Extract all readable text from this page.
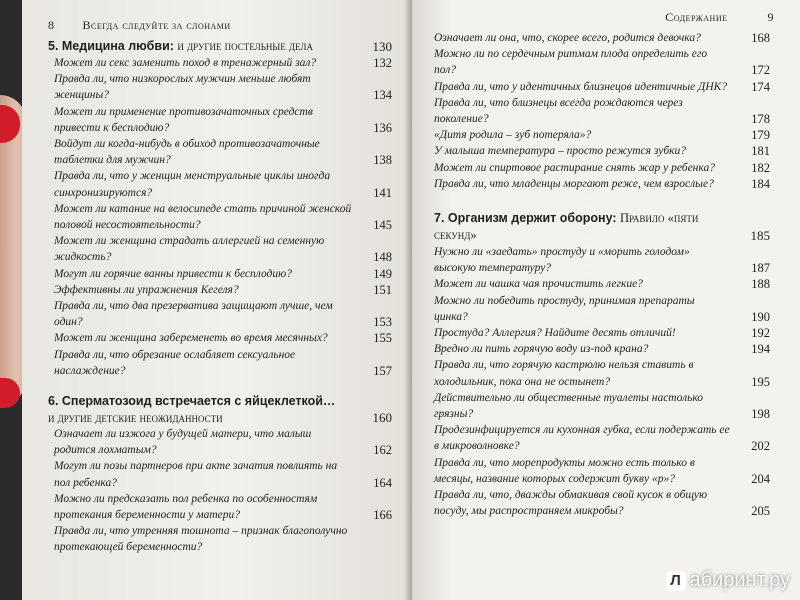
8 Всегда следуйте за слонами
5. Медицина любви: и другие постельные дела	130
Может ли секс заменить поход в тренажерный зал?	132
Правда ли, что низкорослых мужчин меньше любят женщины?	134
Может ли применение противозачаточных средств привести к бесплодию?	136
Войдут ли когда-нибудь в обиход противозачаточные таблетки для мужчин?	138
Правда ли, что у женщин менструальные циклы иногда синхронизируются?	141
Может ли катание на велосипеде стать причиной женской половой несостоятельности?	145
Может ли женщина страдать аллергией на семенную жидкость?	148
Могут ли горячие ванны привести к бесплодию?	149
Эффективны ли упражнения Кегеля?	151
Правда ли, что два презерватива защищают лучше, чем один?	153
Может ли женщина забеременеть во время месячных?	155
Правда ли, что обрезание ослабляет сексуальное наслаждение?	157
6. Сперматозоид встречается с яйцеклеткой…
и другие детские неожиданности	160
Означает ли изжога у будущей матери, что малыш родится лохматым?	162
Могут ли позы партнеров при акте зачатия повлиять на пол ребенка?	164
Можно ли предсказать пол ребенка по особенностям протекания беременности у матери?	166
Правда ли, что утренняя тошнота – признак благополучно протекающей беременности?
Содержание	9
Означает ли она, что, скорее всего, родится девочка?	168
Можно ли по сердечным ритмам плода определить его пол?	172
Правда ли, что у идентичных близнецов идентичные ДНК? 174
Правда ли, что близнецы всегда рождаются через поколение?	178
«Дитя родила – зуб потеряла»?	179
У малыша температура – просто режутся зубки?	181
Может ли спиртовое растирание снять жар у ребенка?	182
Правда ли, что младенцы моргают реже, чем взрослые?	184
7. Организм держит оборону: Правило «пяти секунд»	185
Нужно ли «заедать» простуду и «морить голодом» высокую температуру?	187
Может ли чашка чая прочистить легкие?	188
Можно ли победить простуду, принимая препараты цинка?	190
Простуда? Аллергия? Найдите десять отличий!	192
Вредно ли пить горячую воду из-под крана?	194
Правда ли, что горячую кастрюлю нельзя ставить в холодильник, пока она не остынет?	195
Действительно ли общественные туалеты настолько грязны?	198
Продезинфицируется ли кухонная губка, если подержать ее в микроволновке?	202
Правда ли, что морепродукты можно есть только в месяцы, название которых содержит букву «р»?	204
Правда ли, что, дважды обмакивая свой кусок в общую посуду, мы распространяем микробы?	205
Л абиринт.ру
